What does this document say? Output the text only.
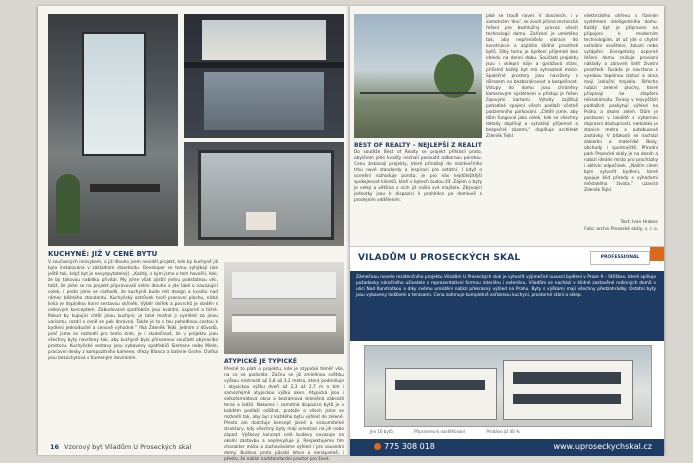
KUCHYNĚ: JIŽ V CENĚ BYTU
V současných nezvykem, a již dlouho jsem neviděl projekt, kde by kuchyně již byla instalována v základním standardu. Developer se tomu vyhýbají (ale ještě tak, když byt je nevyzpytatelný). „Každý, s kým jsme o tom hovořili, řekl, že by takovou nabídku přivítal. My jsme však zjistili jednu podstatnou věc, totiž, že jsme se na projekt připravovali velmi dlouho a jde také o navazující celek, i proto jsme se rozhodli, že kuchyně bude mít design a kvalitu nad rámec běžného standardu. Kuchyňský ostrůvek tvoří pracovní plochu, nízká linka je doplněna horní sestavou skříněk. Výběr dvířek a povrchů je sladěn s celkovým konceptem. Zabudované spotřebiče jsou kvalitní, úsporné a tiché. Pokud by kupující chtěl jinou kuchyni, je také možné ji vyměnit za jinou variantu, rozdíl v ceně se pak dorovná. Takže je to s tou pohodlnou cestou k bydlení jednoduché a cenově výhodné.“ říká Zdeněk Tejkl. Jedním z důvodů, proč jsme se rozhodli pro tento krok, je i skutečnost, že v projektu jsou všechny byty navrženy tak, aby kuchyně byla přirozenou součástí obývacího prostoru. Kuchyňské sestavy jsou vybaveny spotřebiči Siemens nebo Miele, pracovní desky z kompozitního kamene, dřezy Blanco a baterie Grohe. Dvířka jsou bezúchytová s tlumeným dovíráním.	ATYPICKÉ JE TYPICKÉ
Přesně to platí o projektu, kde je atypické téměř vše, na co se podíváte. Začnu se již zmíněnou světlou výškou místností až 2,8 až 3,2 metru, která podmiňuje i atypickou výšku dveří až 2,3 až 2,7 m a tím i samozřejmě atypickou výšku oken. Atypická jsou i velkoformátová okna a bezrámová skleněná zábradlí teras a lodžií. Nakonec i samotná dispozice bytů je v každém podlaží odlišná, protože o všech jsme se rozhodli tak, aby byl z každého bytu výhled do zeleně. Přesto ale dodržuje koncept jasné a srozumitelné struktury, kdy všechny byty mají orientaci na jih nebo západ. Výškový koncept celé budovy navazuje na okolní zástavbu a nepřevyšuje ji. Respektujeme tím charakter místa a zachováváme výhled i pro sousední domy. Budova proto působí lehce a nenápadně, i přesto, že nabízí nadstandardní prostor pro život.
16 Vzorový byt Viladům U Proseckých skal
jaké se troufl novel. V dosolvich, i v samotném 'dne', se zvolil přísná technická řešení pro bezhlučný provoz všech technologií domu. Zařízení je umístěno tak, aby nepřenášelo vibrace do konstrukce a zajistilo klidné prostředí bytů. Díky tomu je bydlení příjemné bez ohledu na denní dobu. Součástí projektu jsou i sklepní kóje a garážová stání, přičemž každý byt má vyhrazené místo. Společné prostory jsou navrženy s důrazem na bezbariérovost a bezpečnost. Vstupy do domu jsou chráněny kamerovým systémem a přístup je řešen čipovými kartami. Výtahy zajišťují pohodlné spojení všech podlaží včetně podzemního parkování. „Chtěli jsme, aby dům fungoval jako celek, kde se všechny detaily doplňují a vytvářejí příjemné a bezpečné zázemí,“ doplňuje architekt Zdeněk Tejkl.
BEST OF REALTY – NEJLEPŠÍ Z REALIT
Do soutěže Best of Realty se projekt přihlásil proto, abychom jeho kvality nechali posoudit odbornou porotou. Cenu získávají projekty, které přinášejí do rezidenčního trhu nové standardy a inspiraci pro ostatní. I když o ocenění rozhoduje porota, je pro nás nejdůležitější spokojenost klientů, kteří v bytech budou žít. Zájem o byty je velký a většina z nich již našla své majitele. Zbývající jednotky jsou k dispozici k prohlídce po domluvě s prodejním oddělením.
elektrického ohřevu s řízením systémem inteligentního domu. Každý byt je připraven na připojení k moderním technologiím, ať už jde o chytré ovládání osvětlení, žaluzií nebo vytápění. Energeticky úsporné řešení domu snižuje provozní náklady a zároveň šetří životní prostředí. Fasáda je navržena s vysokou tepelnou izolací a okna mají izolační trojskla. Střecha nabízí zelené plochy, které přispívají ke zlepšení mikroklimatu. Terasy v nejvyšších podlažích poskytují výhled na Prahu a okolní zeleň. Dům je postaven v lokalitě s výbornou dopravní dostupností, nedaleko je stanice metra a autobusové zastávky. V blízkosti se nachází základní a mateřské školy, obchody i sportoviště. Přírodní park Prosecké skály je na dosah a nabízí ideální místo pro procházky i aktivní odpočinek. „Naším cílem bylo vytvořit bydlení, které spojuje klid přírody s výhodami městského života,“ uzavírá Zdeněk Tejkl.
Text: Ivan Hrabec
Foto: archiv Prosecké skály, s. r. o.
VILADŮM U PROSECKÝCH SKAL	PROFESSIONAL
Zámečnou novele rezidenčního projektu Viladům U Proseckých skal je vytvořit výjimečné luxusní bydlení v Praze 9 – Střížkov, které splňuje požadavky náročného uživatele s reprezentativní formou interiéru i exteriéru. Viladům se nachází v klidné zastavěné rodinných domů v ulici Nad Kundratkou a díky svému umístění nabízí překrásný výhled na Prahu. Byty s výškami mají všechny předzahrádky. Ostatní byty jsou vybaveny lodžiemi a terasami. Cena zahrnuje kompletně zařízenou kuchyni, prostorné stání a sklep.
Jen 16 bytů	Připraveno k nastěhování	Prodáno již 40 %
775 308 018	www.uproseckychskal.cz
